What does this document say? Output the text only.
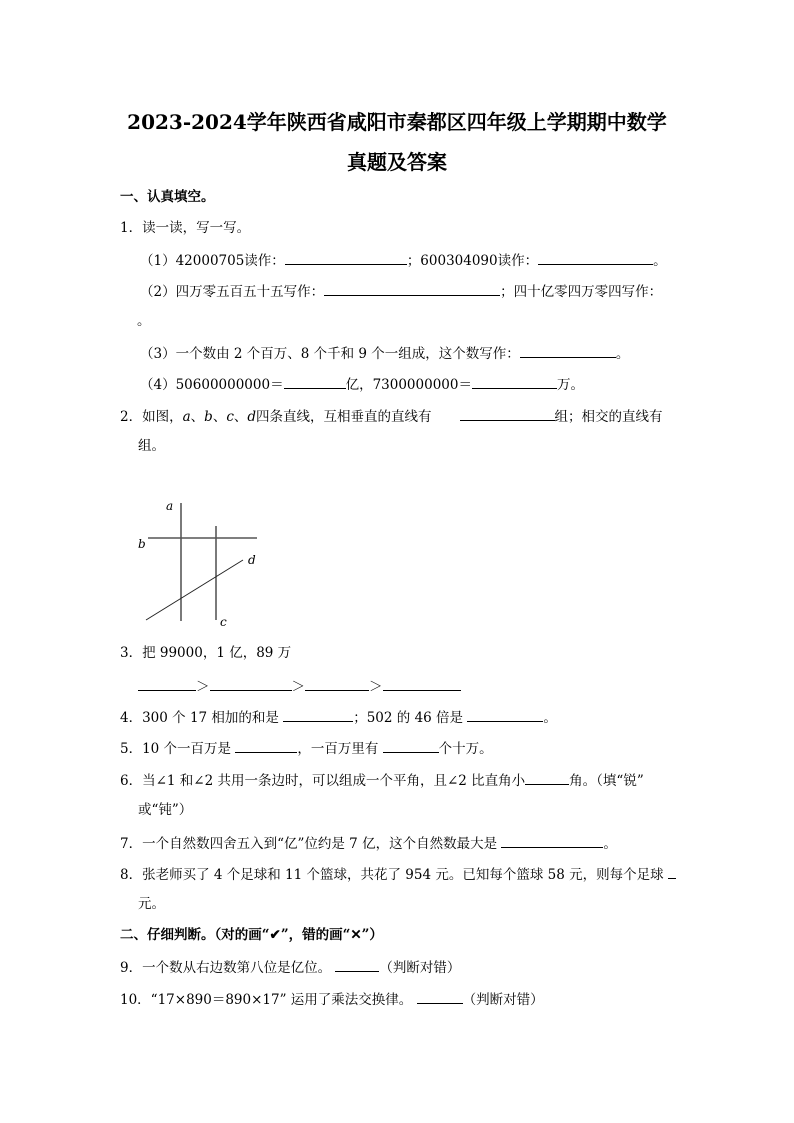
2023-2024学年陕西省咸阳市秦都区四年级上学期期中数学
真题及答案
一、认真填空。
1．读一读，写一写。
（1）42000705读作：	；600304090读作：	。
（2）四万零五百五十五写作：	；四十亿零四万零四写作：
。
（3）一个数由 2 个百万、8 个千和 9 个一组成，这个数写作：	。
（4）50600000000＝	亿，7300000000＝	万。
2．如图，a、b、c、d四条直线，互相垂直的直线有	组；相交的直线有
组。
a
b
c
d
3．把 99000，1 亿，89 万
＞	＞	＞
4．300 个 17 相加的和是	；502 的 46 倍是	。
5．10 个一百万是	，一百万里有	个十万。
6．当∠1 和∠2 共用一条边时，可以组成一个平角，且∠2 比直角小	角。（填“锐”
或“钝”）
7．一个自然数四舍五入到“亿”位约是 7 亿，这个自然数最大是	。
8．张老师买了 4 个足球和 11 个篮球，共花了 954 元。已知每个篮球 58 元，则每个足球
元。
二、仔细判断。（对的画“✔”，错的画“✕”）
9．一个数从右边数第八位是亿位。	（判断对错）
10．“17×890＝890×17” 运用了乘法交换律。	（判断对错）
